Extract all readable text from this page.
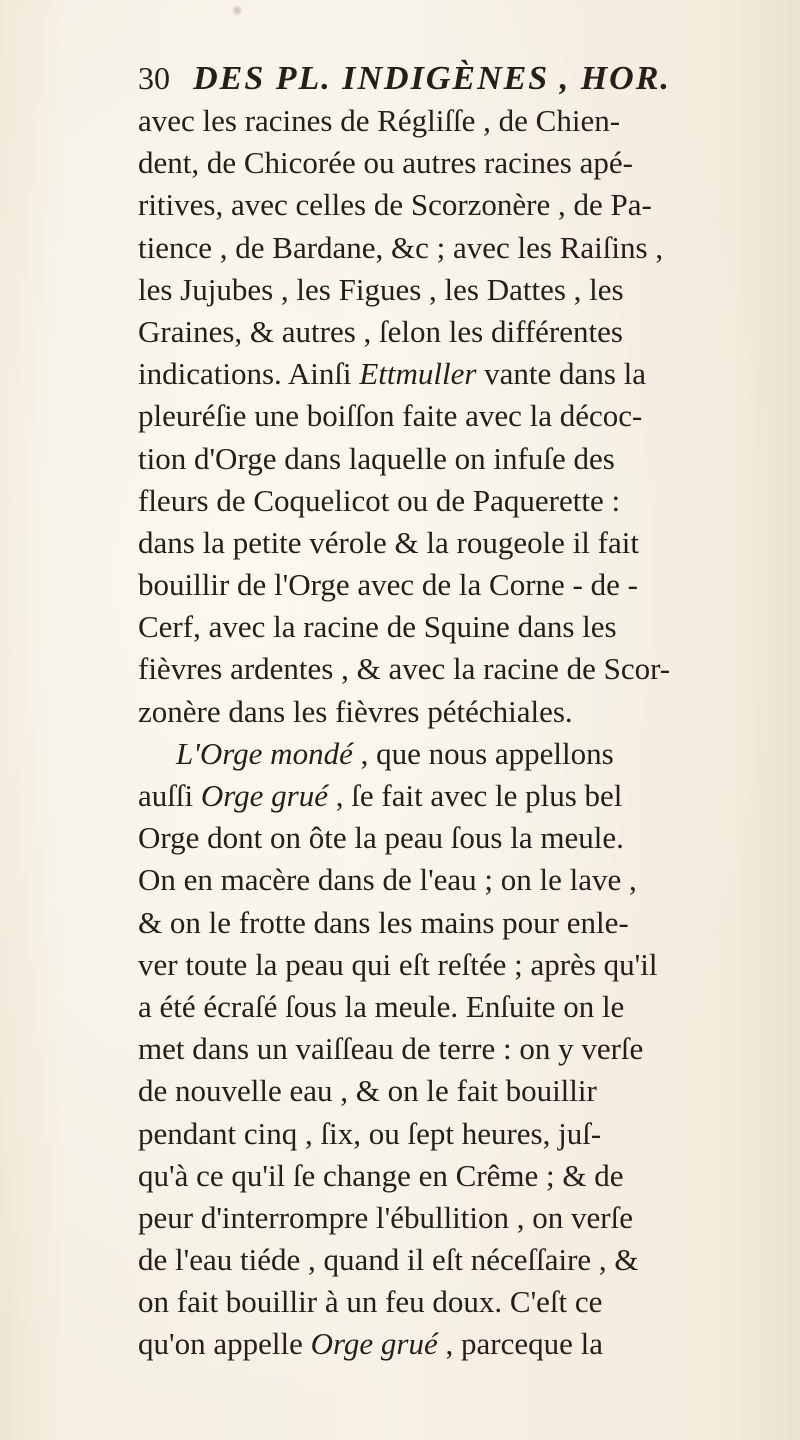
30 DES PL. INDIGÈNES , HOR.
avec les racines de Régliſſe , de Chien-
dent, de Chicorée ou autres racines apé-
ritives, avec celles de Scorzonère , de Pa-
tience , de Bardane, &c ; avec les Raiſins ,
les Jujubes , les Figues , les Dattes , les
Graines, & autres , ſelon les différentes
indications. Ainſi Ettmuller vante dans la
pleuréſie une boiſſon faite avec la décoc-
tion d'Orge dans laquelle on infuſe des
fleurs de Coquelicot ou de Paquerette :
dans la petite vérole & la rougeole il fait
bouillir de l'Orge avec de la Corne - de -
Cerf, avec la racine de Squine dans les
fièvres ardentes , & avec la racine de Scor-
zonère dans les fièvres pétéchiales.
L'Orge mondé , que nous appellons
auſſi Orge grué , ſe fait avec le plus bel
Orge dont on ôte la peau ſous la meule.
On en macère dans de l'eau ; on le lave ,
& on le frotte dans les mains pour enle-
ver toute la peau qui eſt reſtée ; après qu'il
a été écraſé ſous la meule. Enſuite on le
met dans un vaiſſeau de terre : on y verſe
de nouvelle eau , & on le fait bouillir
pendant cinq , ſix, ou ſept heures, juſ-
qu'à ce qu'il ſe change en Crême ; & de
peur d'interrompre l'ébullition , on verſe
de l'eau tiéde , quand il eſt néceſſaire , &
on fait bouillir à un feu doux. C'eſt ce
qu'on appelle Orge grué , parceque la
